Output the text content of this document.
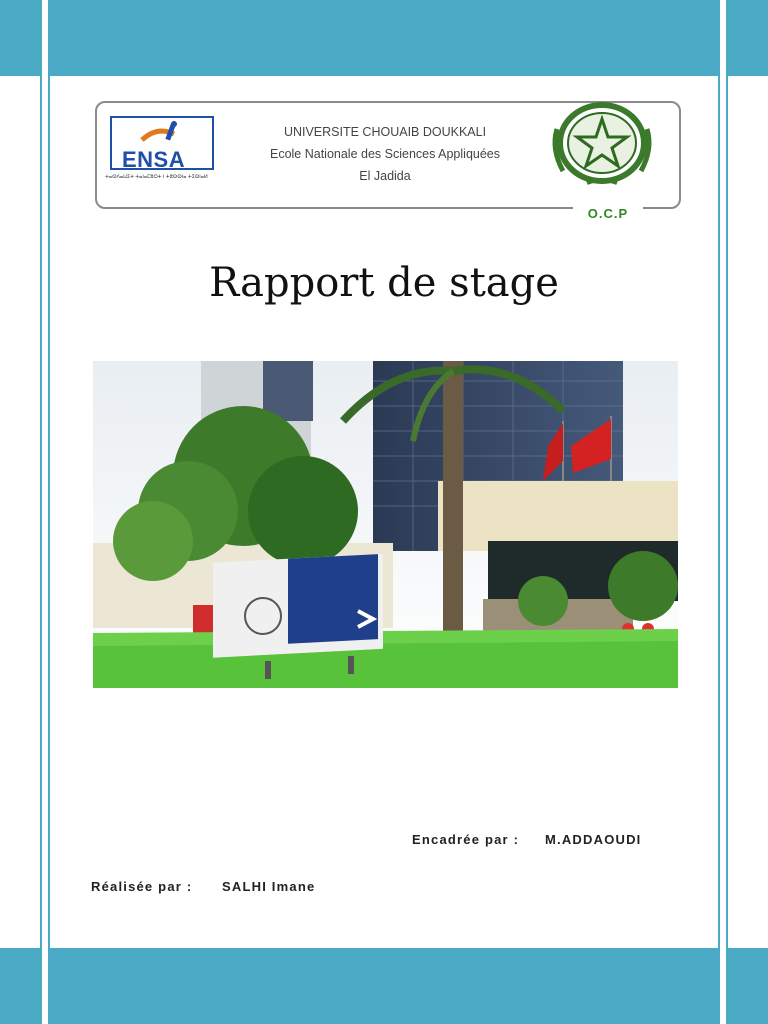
ENSA
ⵜⴰⵙⴷⴰⵡⵉⵜ ⵜⴰⵏⴰⵎⵓⵔⵜ ⵏ ⵜⵓⵙⵙⵏⴰ ⵜⵉⵙⵏⴰⵍ
UNIVERSITE CHOUAIB DOUKKALI
Ecole Nationale des Sciences Appliquées
El Jadida
O.C.P
Rapport de stage
Encadrée par : M.ADDAOUDI
Réalisée par : SALHI Imane
